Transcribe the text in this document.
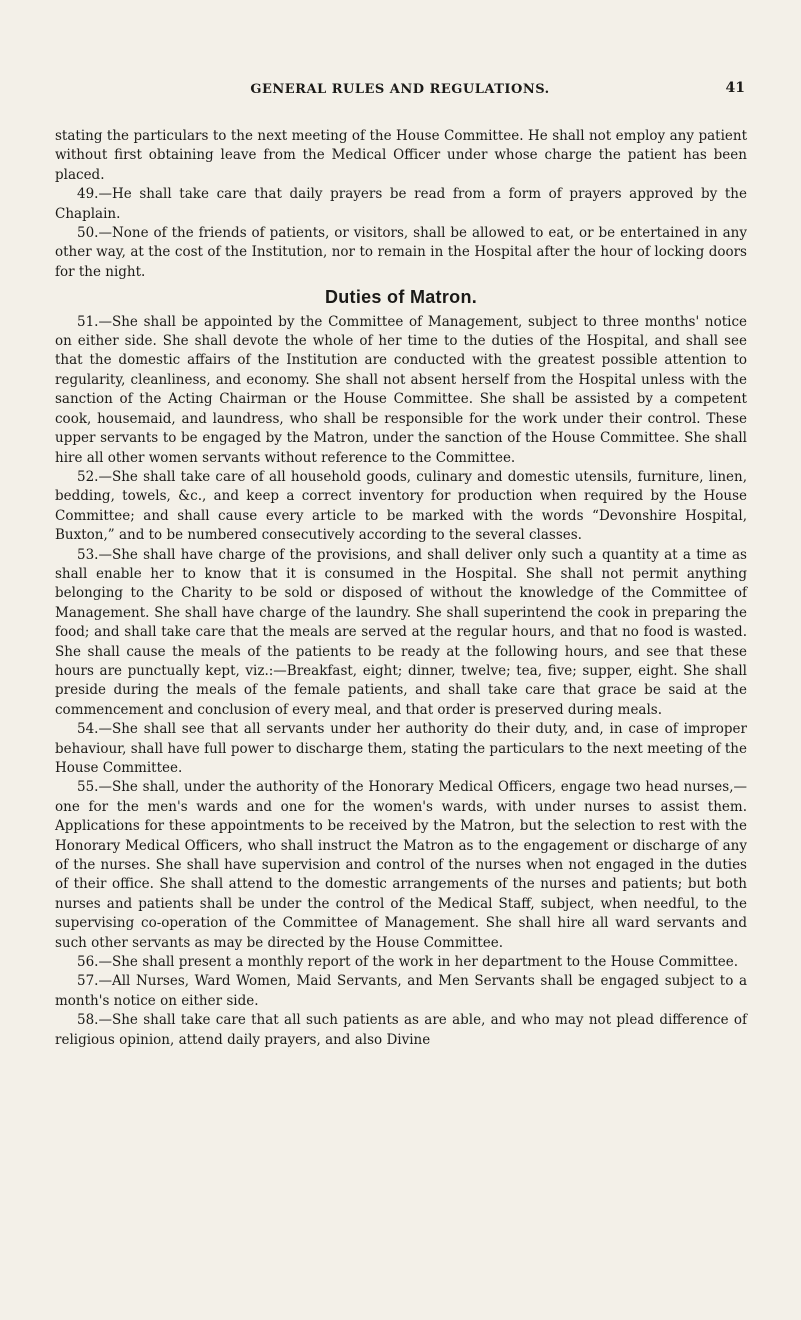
GENERAL RULES AND REGULATIONS.	41

stating the particulars to the next meeting of the House Committee. He shall not employ any patient without first obtaining leave from the Medical Officer under whose charge the patient has been placed.

49.—He shall take care that daily prayers be read from a form of prayers approved by the Chaplain.

50.—None of the friends of patients, or visitors, shall be allowed to eat, or be entertained in any other way, at the cost of the Institution, nor to remain in the Hospital after the hour of locking doors for the night.

Duties of Matron.

51.—She shall be appointed by the Committee of Management, subject to three months' notice on either side. She shall devote the whole of her time to the duties of the Hospital, and shall see that the domestic affairs of the Institution are conducted with the greatest possible attention to regularity, cleanliness, and economy. She shall not absent herself from the Hospital unless with the sanction of the Acting Chairman or the House Committee. She shall be assisted by a competent cook, housemaid, and laundress, who shall be responsible for the work under their control. These upper servants to be engaged by the Matron, under the sanction of the House Committee. She shall hire all other women servants without reference to the Committee.

52.—She shall take care of all household goods, culinary and domestic utensils, furniture, linen, bedding, towels, &c., and keep a correct inventory for production when required by the House Committee; and shall cause every article to be marked with the words “Devonshire Hospital, Buxton,” and to be numbered consecutively according to the several classes.

53.—She shall have charge of the provisions, and shall deliver only such a quantity at a time as shall enable her to know that it is consumed in the Hospital. She shall not permit anything belonging to the Charity to be sold or disposed of without the knowledge of the Committee of Management. She shall have charge of the laundry. She shall superintend the cook in preparing the food; and shall take care that the meals are served at the regular hours, and that no food is wasted. She shall cause the meals of the patients to be ready at the following hours, and see that these hours are punctually kept, viz.:—Breakfast, eight; dinner, twelve; tea, five; supper, eight. She shall preside during the meals of the female patients, and shall take care that grace be said at the commencement and conclusion of every meal, and that order is preserved during meals.

54.—She shall see that all servants under her authority do their duty, and, in case of improper behaviour, shall have full power to discharge them, stating the particulars to the next meeting of the House Committee.

55.—She shall, under the authority of the Honorary Medical Officers, engage two head nurses,—one for the men's wards and one for the women's wards, with under nurses to assist them. Applications for these appointments to be received by the Matron, but the selection to rest with the Honorary Medical Officers, who shall instruct the Matron as to the engagement or discharge of any of the nurses. She shall have supervision and control of the nurses when not engaged in the duties of their office. She shall attend to the domestic arrangements of the nurses and patients; but both nurses and patients shall be under the control of the Medical Staff, subject, when needful, to the supervising co-operation of the Committee of Management. She shall hire all ward servants and such other servants as may be directed by the House Committee.

56.—She shall present a monthly report of the work in her department to the House Committee.

57.—All Nurses, Ward Women, Maid Servants, and Men Servants shall be engaged subject to a month's notice on either side.

58.—She shall take care that all such patients as are able, and who may not plead difference of religious opinion, attend daily prayers, and also Divine
